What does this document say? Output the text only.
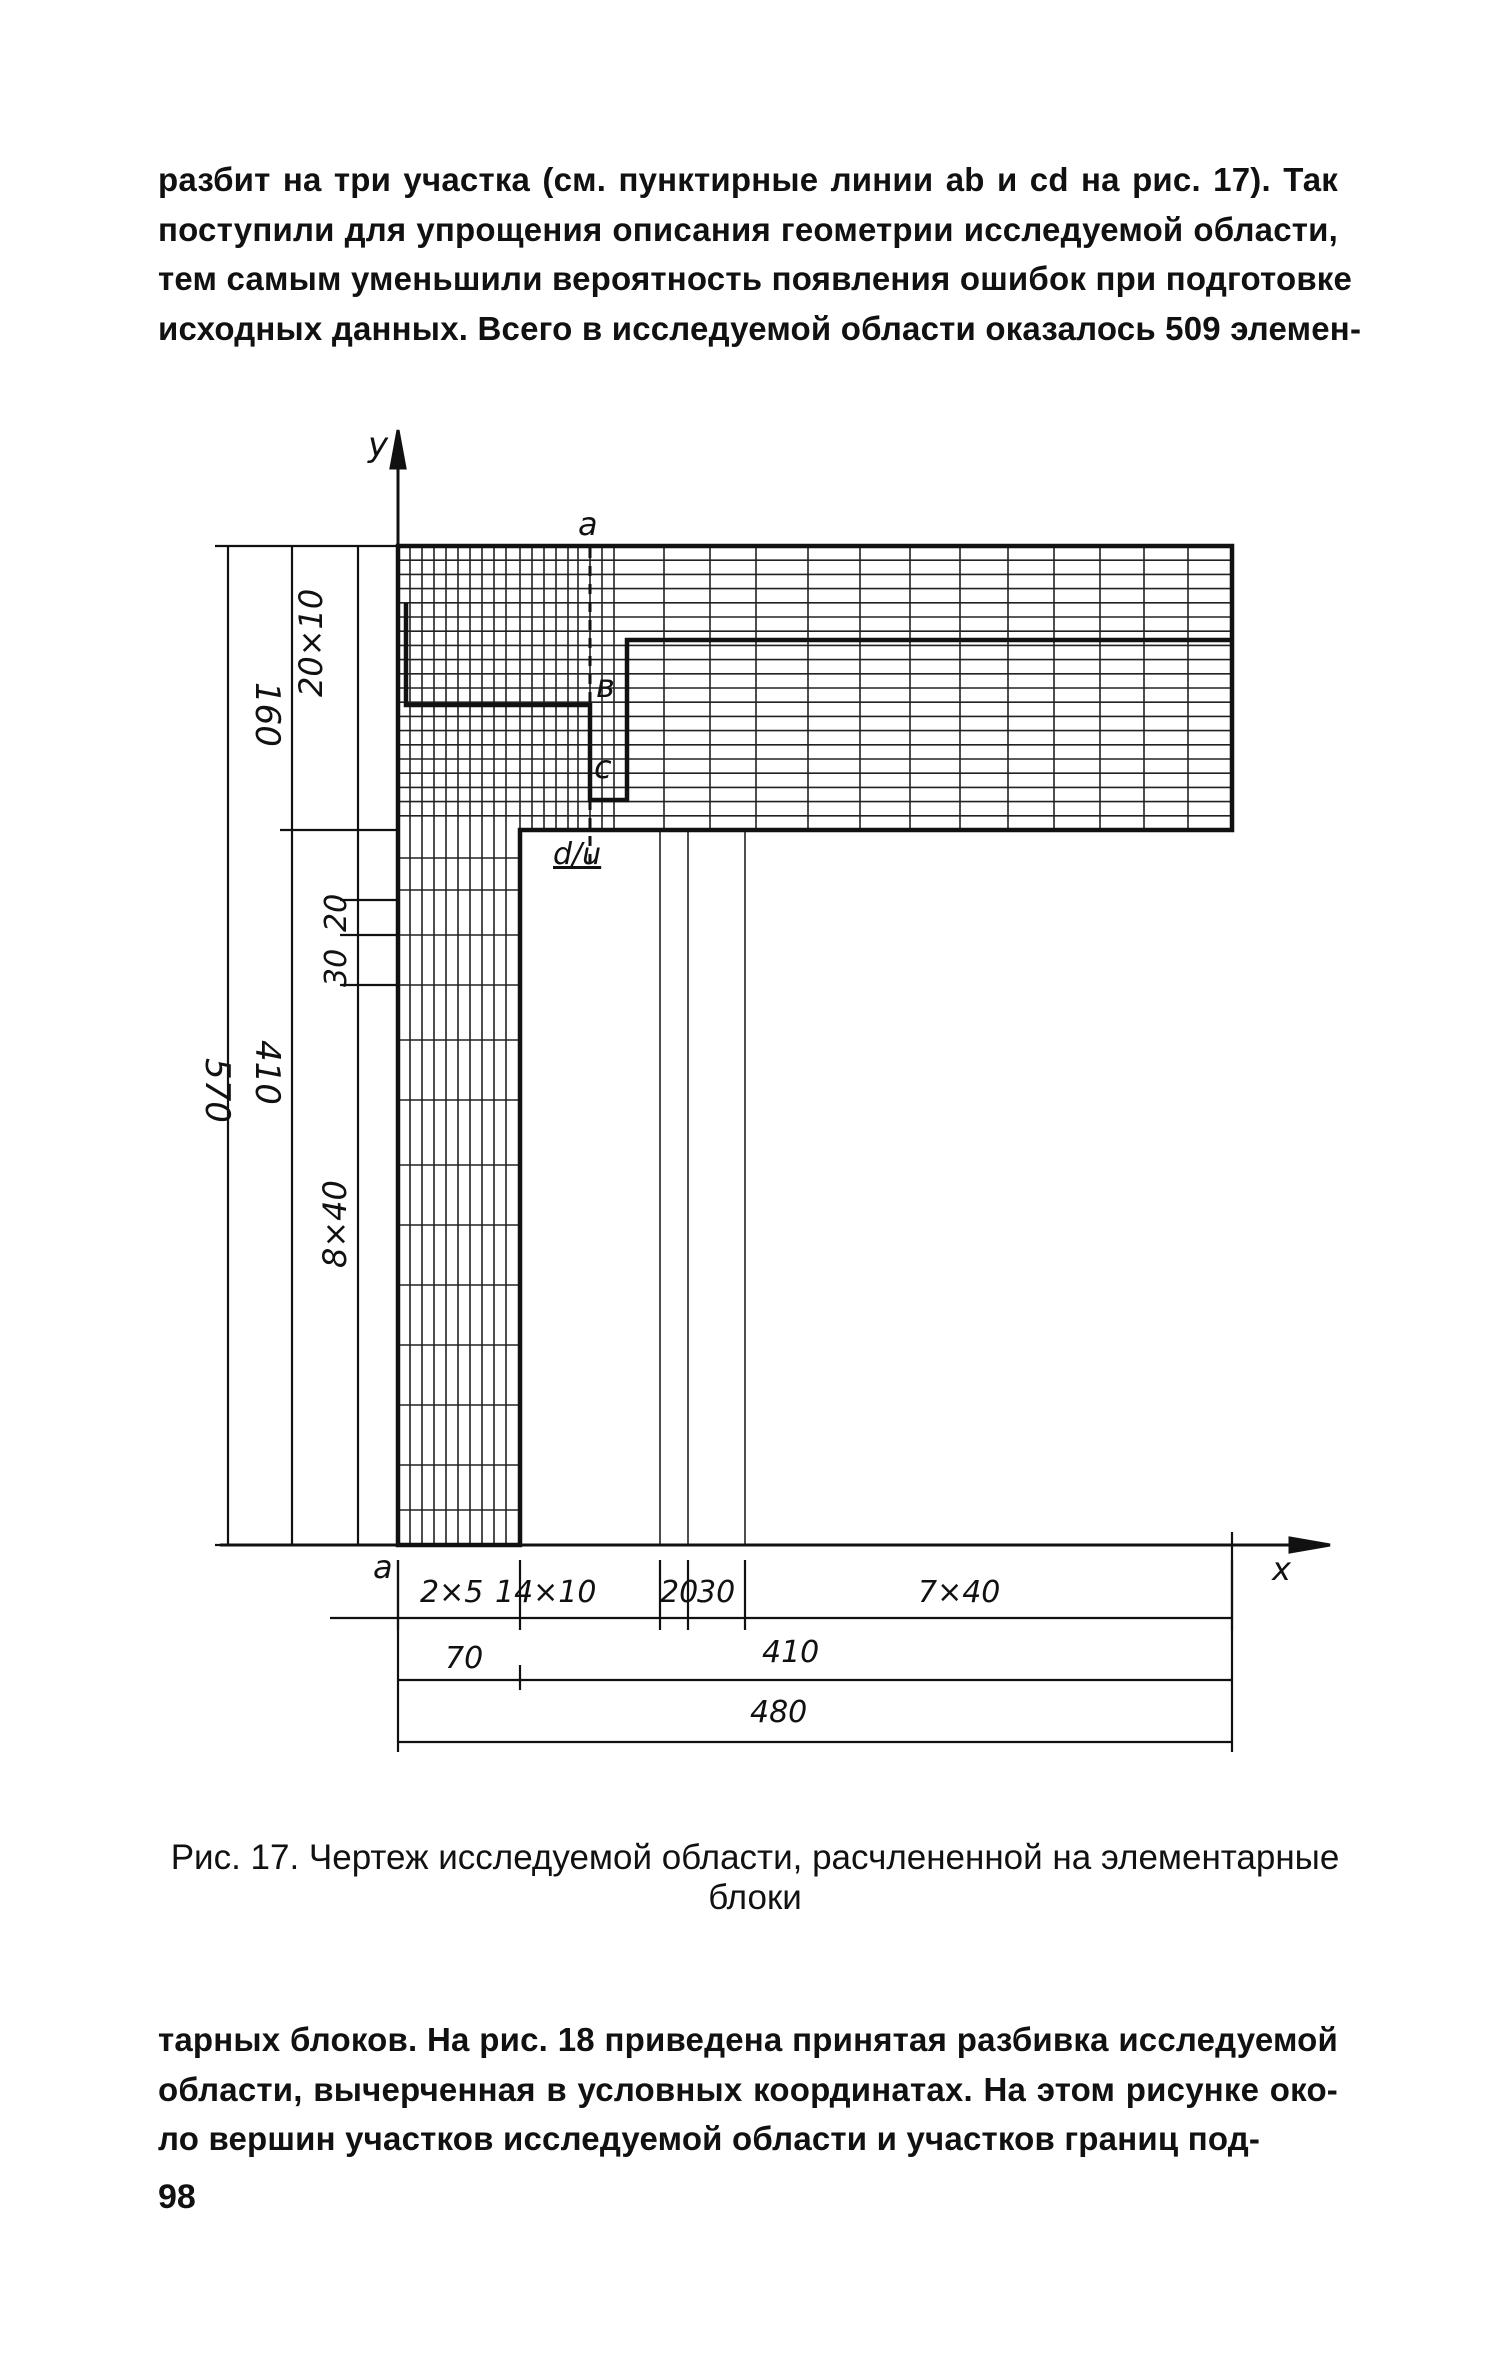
разбит на три участка (см. пунктирные линии ab и cd на рис. 17). Так
поступили для упрощения описания геометрии исследуемой области,
тем самым уменьшили вероятность появления ошибок при подготовке
исходных данных. Всего в исследуемой области оказалось 509 элемен-
y
x
a
a
в
с
d/u
570
160
410
20×10
20
30
8×40
2×5 14×10 20
30	7×40
70	410
480
Рис. 17. Чертеж исследуемой области, расчлененной на элементарные
блоки
тарных блоков. На рис. 18 приведена принятая разбивка исследуемой
области, вычерченная в условных координатах. На этом рисунке око-
ло вершин участков исследуемой области и участков границ под-
98
